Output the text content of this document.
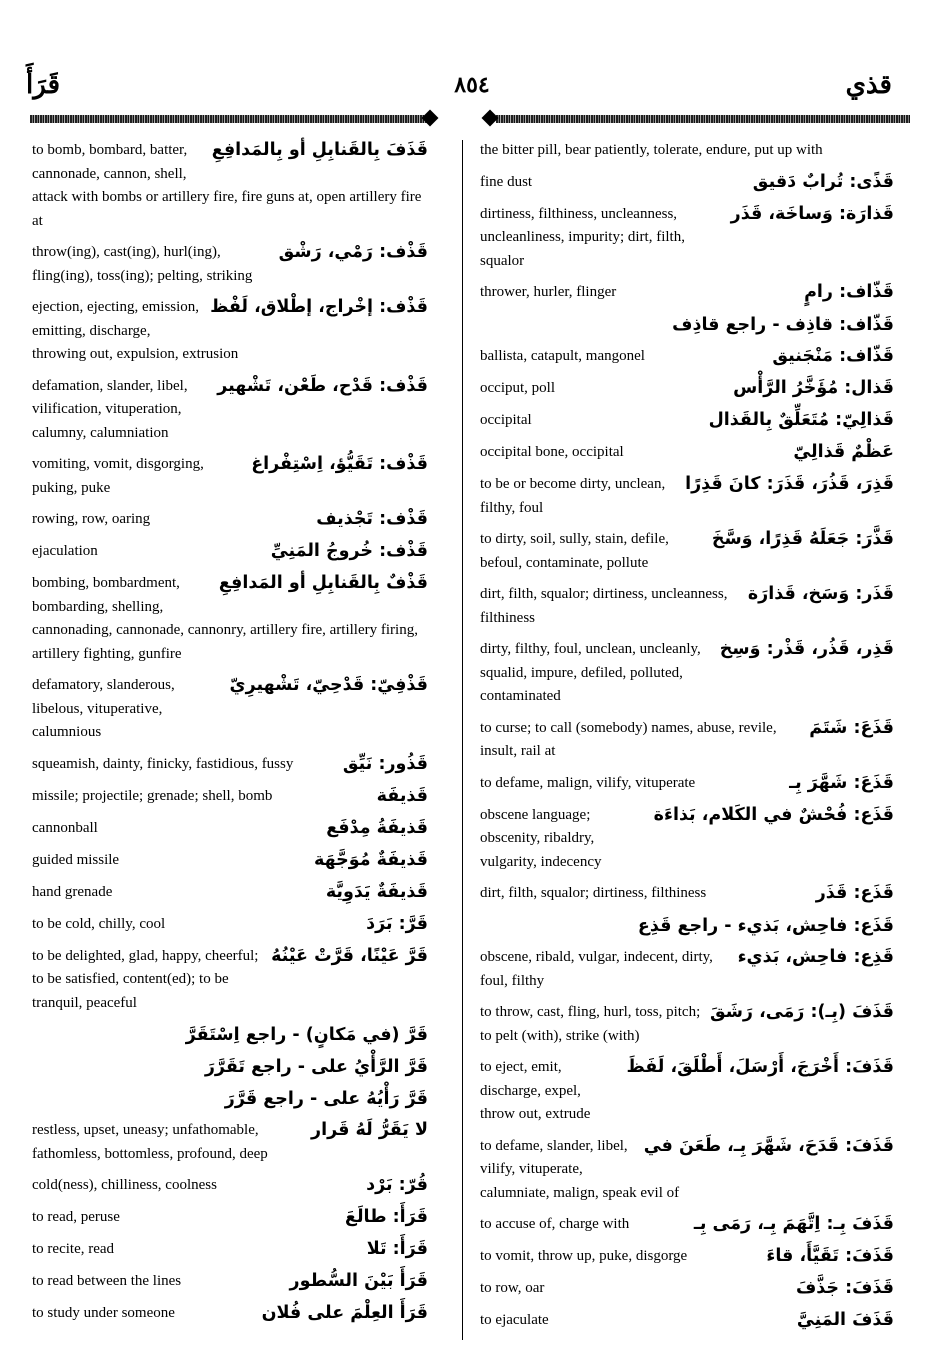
قَرَأَ	٨٥٤	قذي
قَذَفَ بِالقَنابِلِ أو بِالمَدافِعِ
to bomb, bombard, batter, cannonade, cannon, shell, attack with bombs or artillery fire, fire guns at, open artillery fire at
قَذْف: رَمْي، رَشْق
throw(ing), cast(ing), hurl(ing), fling(ing), toss(ing); pelting, striking
قَذْف: إخْراج، إطْلاق، لَفْظ
ejection, ejecting, emission, emitting, discharge, throwing out, expulsion, extrusion
قَذْف: قَدْح، طَعْن، تَشْهير
defamation, slander, libel, vilification, vituperation, calumny, calumniation
قَذْف: تَقَيُّؤ، اِسْتِفْراغ
vomiting, vomit, disgorging, puking, puke
قَذْف: تَجْذيف
rowing, row, oaring
قَذْف: خُروجُ المَنِيِّ
ejaculation
قَذْفٌ بِالقَنابِلِ أو المَدافِعِ
bombing, bombardment, bombarding, shelling, cannonading, cannonade, cannonry, artillery fire, artillery firing, artillery fighting, gunfire
قَذْفِيّ: قَدْحِيّ، تَشْهيرِيّ
defamatory, slanderous, libelous, vituperative, calumnious
قَذُور: نَيِّق
squeamish, dainty, finicky, fastidious, fussy
قَذيفَة
missile; projectile; grenade; shell, bomb
قَذيفَةُ مِدْفَع
cannonball
قَذيفَةٌ مُوَجَّهَة
guided missile
قَذيفَةٌ يَدَوِيَّة
hand grenade
قَرَّ: بَرَدَ
to be cold, chilly, cool
قَرَّ عَيْنًا، قَرَّتْ عَيْنُهُ
to be delighted, glad, happy, cheerful; to be satisfied, content(ed); to be tranquil, peaceful
قَرَّ (في مَكانٍ) - راجع اِسْتَقَرَّ
قَرَّ الرَّأْيُ على - راجع تَقَرَّرَ
قَرَّ رَأْيُهُ على - راجع قَرَّرَ
لا يَقَرُّ لَهُ قَرار
restless, upset, uneasy; unfathomable, fathomless, bottomless, profound, deep
قُرّ: بَرْد
cold(ness), chilliness, coolness
قَرَأَ: طالَعَ
to read, peruse
قَرَأَ: تَلا
to recite, read
قَرَأَ بَيْنَ السُّطور
to read between the lines
قَرَأَ العِلْمَ على فُلان
to study under someone
the bitter pill, bear patiently, tolerate, endure, put up with
قَذًى: تُرابٌ دَقيق
fine dust
قَذارَة: وَساخَة، قَذَر
dirtiness, filthiness, uncleanness, uncleanliness, impurity; dirt, filth, squalor
قَذّاف: رامٍ
thrower, hurler, flinger
قَذّاف: قاذِف - راجع قاذِف
قَذّاف: مَنْجَنيق
ballista, catapult, mangonel
قَذال: مُؤَخَّرُ الرَّأْس
occiput, poll
قَذالِيّ: مُتَعَلِّقٌ بِالقَذال
occipital
عَظْمٌ قَذالِيّ
occipital bone, occipital
قَذِرَ، قَذُرَ، قَذَرَ: كانَ قَذِرًا
to be or become dirty, unclean, filthy, foul
قَذَّرَ: جَعَلَهُ قَذِرًا، وَسَّخَ
to dirty, soil, sully, stain, defile, befoul, contaminate, pollute
قَذَر: وَسَخ، قَذارَة
dirt, filth, squalor; dirtiness, uncleanness, filthiness
قَذِر، قَذُر، قَذْر: وَسِخ
dirty, filthy, foul, unclean, uncleanly, squalid, impure, defiled, polluted, contaminated
قَذَعَ: شَتَمَ
to curse; to call (somebody) names, abuse, revile, insult, rail at
قَذَعَ: شَهَّرَ بِـ
to defame, malign, vilify, vituperate
قَذَع: فُحْشٌ في الكَلام، بَذاءَة
obscene language; obscenity, ribaldry, vulgarity, indecency
قَذَع: قَذَر
dirt, filth, squalor; dirtiness, filthiness
قَذَع: فاحِش، بَذيء - راجع قَذِع
قَذِع: فاحِش، بَذيء
obscene, ribald, vulgar, indecent, dirty, foul, filthy
قَذَفَ (بِـ): رَمَى، رَشَقَ
to throw, cast, fling, hurl, toss, pitch; to pelt (with), strike (with)
قَذَفَ: أَخْرَجَ، أَرْسَلَ، أَطْلَقَ، لَفَظَ
to eject, emit, discharge, expel, throw out, extrude
قَذَفَ: قَدَحَ، شَهَّرَ بِـ، طَعَنَ في
to defame, slander, libel, vilify, vituperate, calumniate, malign, speak evil of
قَذَفَ بِـ: اِتَّهَمَ بِـ، رَمَى بِـ
to accuse of, charge with
قَذَفَ: تَقَيَّأَ، قاءَ
to vomit, throw up, puke, disgorge
قَذَفَ: جَذَّفَ
to row, oar
قَذَفَ المَنِيَّ
to ejaculate
